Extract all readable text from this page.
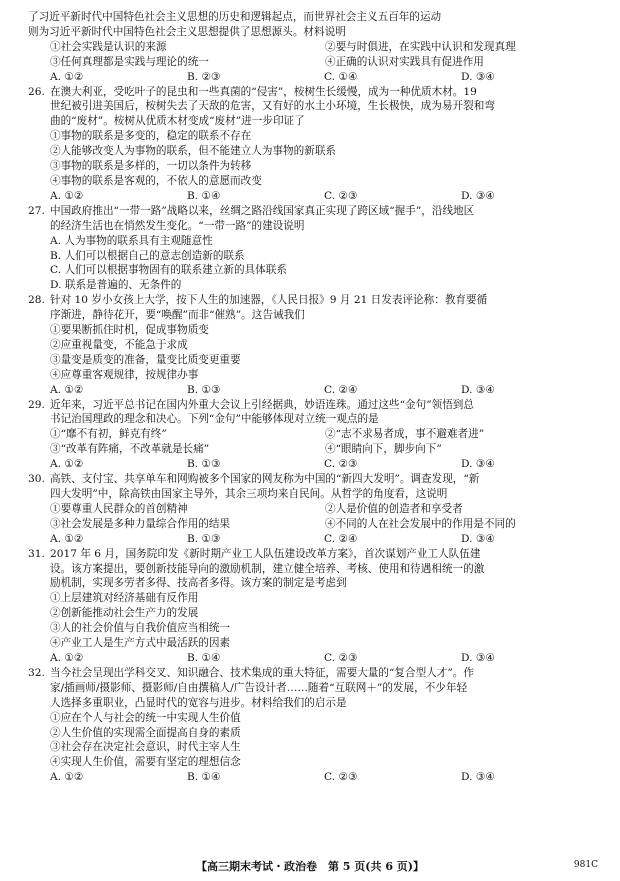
了习近平新时代中国特色社会主义思想的历史和逻辑起点，而世界社会主义五百年的运动
则为习近平新时代中国特色社会主义思想提供了思想源头。材料说明
①社会实践是认识的来源	②要与时俱进，在实践中认识和发现真理
③任何真理都是实践与理论的统一	④正确的认识对实践具有促进作用
A. ①②	B. ②③	C. ①④	D. ③④
26. 在澳大利亚，受吃叶子的昆虫和一些真菌的“侵害”，桉树生长缓慢，成为一种优质木材。19
世纪被引进美国后，桉树失去了天敌的危害，又有好的水土小环境，生长极快，成为易开裂和弯
曲的“废材”。桉树从优质木材变成“废材”进一步印证了
①事物的联系是多变的，稳定的联系不存在
②人能够改变人为事物的联系，但不能建立人为事物的新联系
③事物的联系是多样的，一切以条件为转移
④事物的联系是客观的，不依人的意愿而改变
A. ①②	B. ①④	C. ②③	D. ③④
27. 中国政府推出“一带一路”战略以来，丝绸之路沿线国家真正实现了跨区域“握手”，沿线地区
的经济生活也在悄然发生变化。“一带一路”的建设说明
A. 人为事物的联系具有主观随意性
B. 人们可以根据自己的意志创造新的联系
C. 人们可以根据事物固有的联系建立新的具体联系
D. 联系是普遍的、无条件的
28. 针对 10 岁小女孩上大学，按下人生的加速器，《人民日报》9 月 21 日发表评论称：教育要循
序渐进，静待花开，要“唤醒”而非“催熟”。这告诫我们
①要果断抓住时机，促成事物质变
②应重视量变，不能急于求成
③量变是质变的准备，量变比质变更重要
④应尊重客观规律，按规律办事
A. ①②	B. ①③	C. ②④	D. ③④
29. 近年来，习近平总书记在国内外重大会议上引经据典，妙语连珠。通过这些“金句”领悟到总
书记治国理政的理念和决心。下列“金句”中能够体现对立统一观点的是
①“靡不有初，鲜克有终”	②“志不求易者成，事不避难者进”
③“改革有阵痛，不改革就是长痛”	④“眼睛向下，脚步向下”
A. ①②	B. ①③	C. ②③	D. ③④
30. 高铁、支付宝、共享单车和网购被多个国家的网友称为中国的“新四大发明”。调查发现，“新
四大发明”中，除高铁由国家主导外，其余三项均来自民间。从哲学的角度看，这说明
①要尊重人民群众的首创精神	②人是价值的创造者和享受者
③社会发展是多种力量综合作用的结果	④不同的人在社会发展中的作用是不同的
A. ①②	B. ①③	C. ②④	D. ③④
31. 2017 年 6 月，国务院印发《新时期产业工人队伍建设改革方案》，首次谋划产业工人队伍建
设。该方案提出，要创新技能导向的激励机制，建立健全培养、考核、使用和待遇相统一的激
励机制，实现多劳者多得、技高者多得。该方案的制定是考虑到
①上层建筑对经济基础有反作用
②创新能推动社会生产力的发展
③人的社会价值与自我价值应当相统一
④产业工人是生产方式中最活跃的因素
A. ①②	B. ①④	C. ②③	D. ③④
32. 当今社会呈现出学科交叉、知识融合、技术集成的重大特征，需要大量的“复合型人才”。作
家/插画师/摄影师、摄影师/自由撰稿人/广告设计者……随着“互联网＋”的发展，不少年轻
人选择多重职业，凸显时代的宽容与进步。材料给我们的启示是
①应在个人与社会的统一中实现人生价值
②人生价值的实现需全面提高自身的素质
③社会存在决定社会意识，时代主宰人生
④实现人生价值，需要有坚定的理想信念
A. ①②	B. ①④	C. ②③	D. ③④
【高三期末考试・政治卷　第 5 页(共 6 页)】	981C
